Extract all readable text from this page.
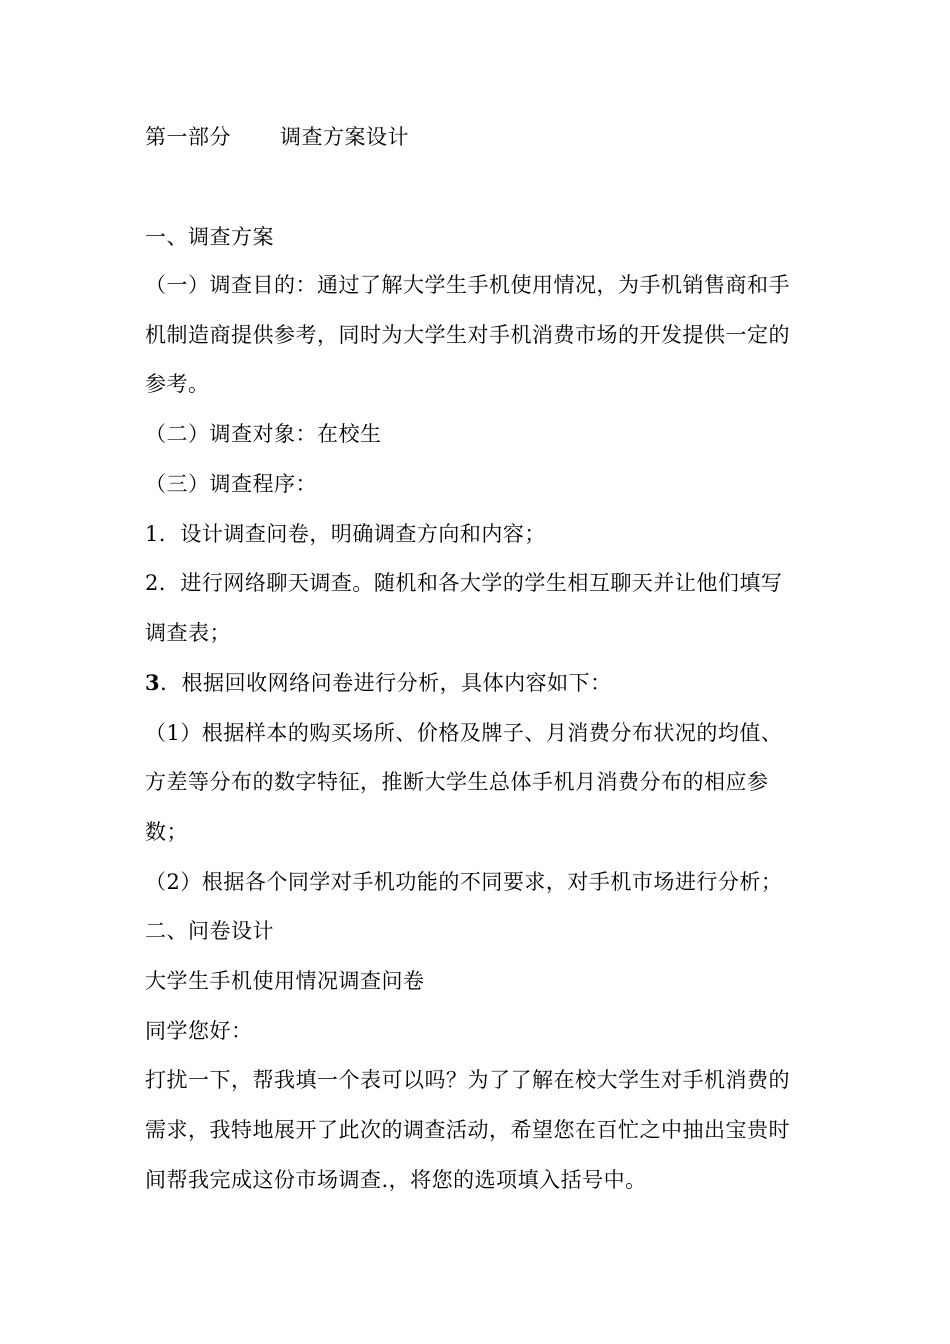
第一部分 调查方案设计
一、调查方案
（一）调查目的：通过了解大学生手机使用情况，为手机销售商和手
机制造商提供参考，同时为大学生对手机消费市场的开发提供一定的
参考。
（二）调查对象：在校生
（三）调查程序：
1．设计调查问卷，明确调查方向和内容；
2．进行网络聊天调查。随机和各大学的学生相互聊天并让他们填写
调查表；
3．根据回收网络问卷进行分析，具体内容如下：
（1）根据样本的购买场所、价格及牌子、月消费分布状况的均值、
方差等分布的数字特征，推断大学生总体手机月消费分布的相应参
数；
（2）根据各个同学对手机功能的不同要求，对手机市场进行分析；
二、问卷设计
大学生手机使用情况调查问卷
同学您好：
打扰一下，帮我填一个表可以吗？为了了解在校大学生对手机消费的
需求，我特地展开了此次的调查活动，希望您在百忙之中抽出宝贵时
间帮我完成这份市场调查.，将您的选项填入括号中。
